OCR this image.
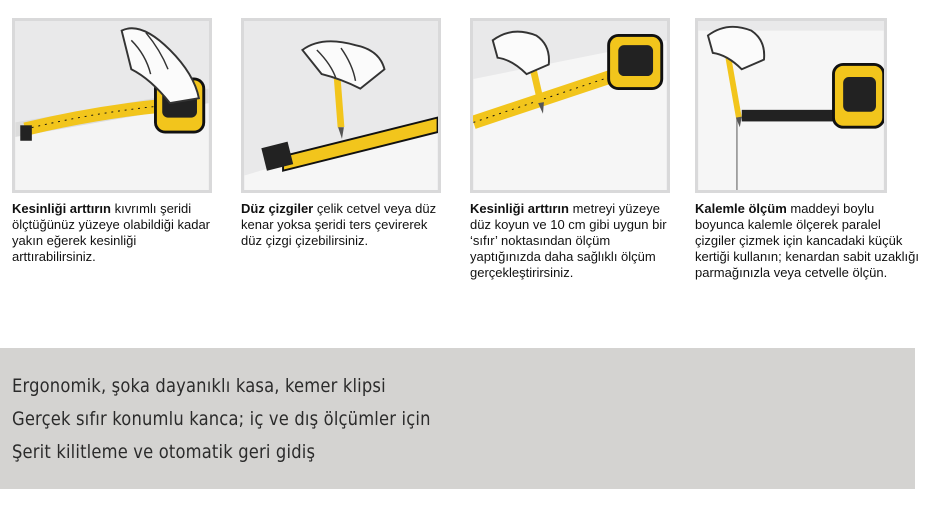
Kesinliği arttırın kıvrımlı şeridi ölçtüğünüz yüzeye olabildiği kadar yakın eğerek kesinliği arttırabilirsiniz.
Düz çizgiler çelik cetvel veya düz kenar yoksa şeridi ters çevirerek düz çizgi çizebilirsiniz.
Kesinliği arttırın metreyi yüzeye düz koyun ve 10 cm gibi uygun bir ‘sıfır’ noktasından ölçüm yaptığınızda daha sağlıklı ölçüm gerçekleştirirsiniz.
Kalemle ölçüm maddeyi boylu boyunca kalemle ölçerek paralel çizgiler çizmek için kancadaki küçük kertiği kullanın; kenardan sabit uzaklığı parmağınızla veya cetvelle ölçün.
Ergonomik, şoka dayanıklı kasa, kemer klipsi
Gerçek sıfır konumlu kanca; iç ve dış ölçümler için
Şerit kilitleme ve otomatik geri gidiş
